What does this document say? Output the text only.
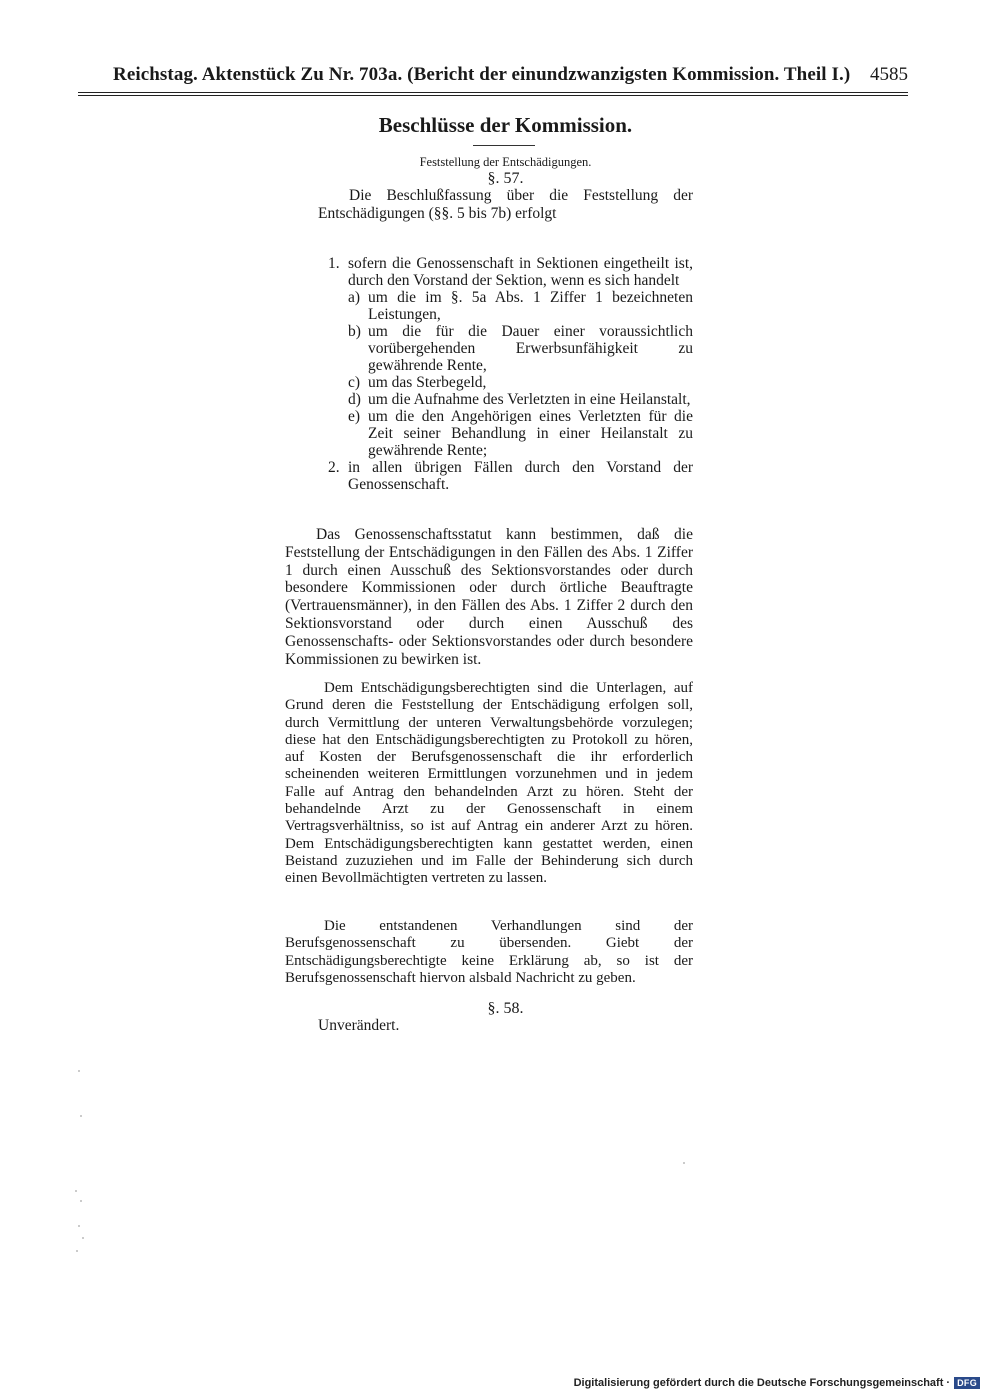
Reichstag. Aktenstück Zu Nr. 703a. (Bericht der einundzwanzigsten Kommission. Theil I.) 4585
Beschlüsse der Kommission.
Feststellung der Entschädigungen.
§. 57.
Die Beschlußfassung über die Feststellung der Entschädigungen (§§. 5 bis 7b) erfolgt
1. sofern die Genossenschaft in Sektionen eingetheilt ist, durch den Vorstand der Sektion, wenn es sich handelt
a) um die im §. 5a Abs. 1 Ziffer 1 bezeichneten Leistungen,
b) um die für die Dauer einer voraussichtlich vorübergehenden Erwerbsunfähigkeit zu gewährende Rente,
c) um das Sterbegeld,
d) um die Aufnahme des Verletzten in eine Heilanstalt,
e) um die den Angehörigen eines Verletzten für die Zeit seiner Behandlung in einer Heilanstalt zu gewährende Rente;
2. in allen übrigen Fällen durch den Vorstand der Genossenschaft.
Das Genossenschaftsstatut kann bestimmen, daß die Feststellung der Entschädigungen in den Fällen des Abs. 1 Ziffer 1 durch einen Ausschuß des Sektionsvorstandes oder durch besondere Kommissionen oder durch örtliche Beauftragte (Vertrauensmänner), in den Fällen des Abs. 1 Ziffer 2 durch den Sektionsvorstand oder durch einen Ausschuß des Genossenschafts- oder Sektionsvorstandes oder durch besondere Kommissionen zu bewirken ist.
Dem Entschädigungsberechtigten sind die Unterlagen, auf Grund deren die Feststellung der Entschädigung erfolgen soll, durch Vermittlung der unteren Verwaltungsbehörde vorzulegen; diese hat den Entschädigungsberechtigten zu Protokoll zu hören, auf Kosten der Berufsgenossenschaft die ihr erforderlich scheinenden weiteren Ermittlungen vorzunehmen und in jedem Falle auf Antrag den behandelnden Arzt zu hören. Steht der behandelnde Arzt zu der Genossenschaft in einem Vertragsverhältniss, so ist auf Antrag ein anderer Arzt zu hören. Dem Entschädigungsberechtigten kann gestattet werden, einen Beistand zuzuziehen und im Falle der Behinderung sich durch einen Bevollmächtigten vertreten zu lassen.
Die entstandenen Verhandlungen sind der Berufsgenossenschaft zu übersenden. Giebt der Entschädigungsberechtigte keine Erklärung ab, so ist der Berufsgenossenschaft hiervon alsbald Nachricht zu geben.
§. 58.
Unverändert.
Digitalisierung gefördert durch die Deutsche Forschungsgemeinschaft · DFG
